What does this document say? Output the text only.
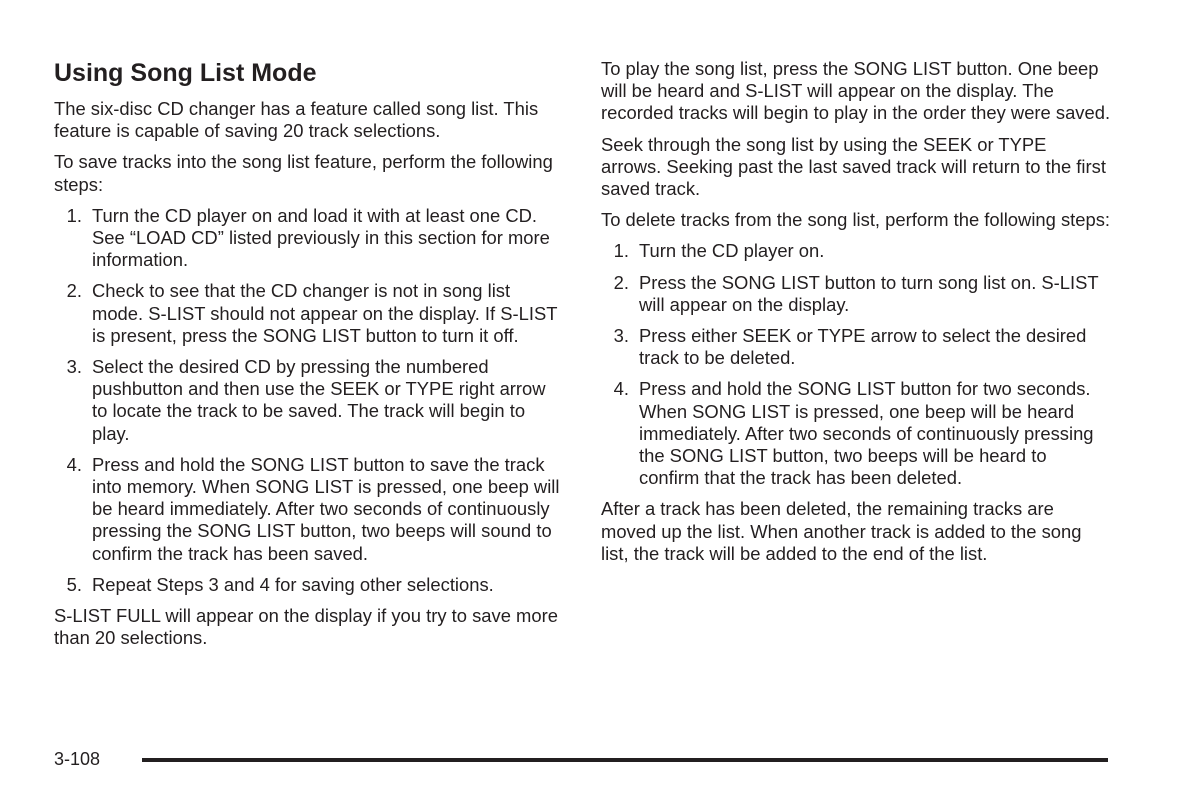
Using Song List Mode

The six-disc CD changer has a feature called song list. This feature is capable of saving 20 track selections.

To save tracks into the song list feature, perform the following steps:

1. Turn the CD player on and load it with at least one CD. See “LOAD CD” listed previously in this section for more information.
2. Check to see that the CD changer is not in song list mode. S-LIST should not appear on the display. If S-LIST is present, press the SONG LIST button to turn it off.
3. Select the desired CD by pressing the numbered pushbutton and then use the SEEK or TYPE right arrow to locate the track to be saved. The track will begin to play.
4. Press and hold the SONG LIST button to save the track into memory. When SONG LIST is pressed, one beep will be heard immediately. After two seconds of continuously pressing the SONG LIST button, two beeps will sound to confirm the track has been saved.
5. Repeat Steps 3 and 4 for saving other selections.

S-LIST FULL will appear on the display if you try to save more than 20 selections.

To play the song list, press the SONG LIST button. One beep will be heard and S-LIST will appear on the display. The recorded tracks will begin to play in the order they were saved.

Seek through the song list by using the SEEK or TYPE arrows. Seeking past the last saved track will return to the first saved track.

To delete tracks from the song list, perform the following steps:

1. Turn the CD player on.
2. Press the SONG LIST button to turn song list on. S-LIST will appear on the display.
3. Press either SEEK or TYPE arrow to select the desired track to be deleted.
4. Press and hold the SONG LIST button for two seconds. When SONG LIST is pressed, one beep will be heard immediately. After two seconds of continuously pressing the SONG LIST button, two beeps will be heard to confirm that the track has been deleted.

After a track has been deleted, the remaining tracks are moved up the list. When another track is added to the song list, the track will be added to the end of the list.

3-108
